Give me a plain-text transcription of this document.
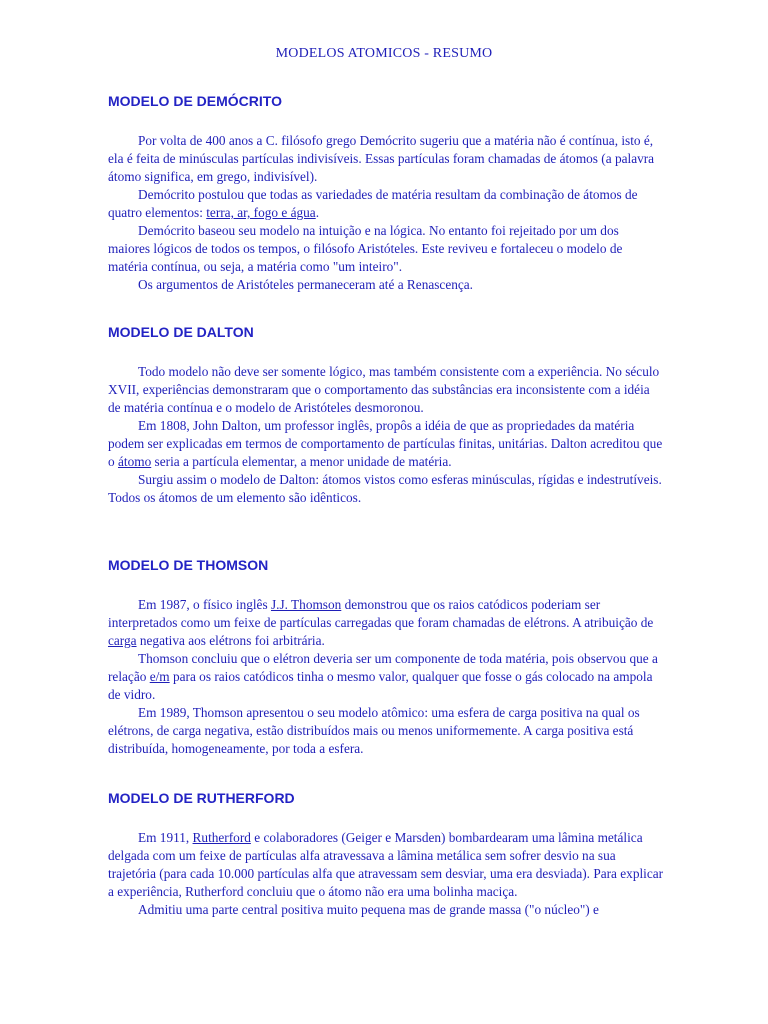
MODELOS ATOMICOS - RESUMO
MODELO DE DEMÓCRITO

Por volta de 400 anos a C. filósofo grego Demócrito sugeriu que a matéria não é contínua, isto é, ela é feita de minúsculas partículas indivisíveis. Essas partículas foram chamadas de átomos (a palavra átomo significa, em grego, indivisível).

Demócrito postulou que todas as variedades de matéria resultam da combinação de átomos de quatro elementos: terra, ar, fogo e água.

Demócrito baseou seu modelo na intuição e na lógica. No entanto foi rejeitado por um dos maiores lógicos de todos os tempos, o filósofo Aristóteles. Este reviveu e fortaleceu o modelo de matéria contínua, ou seja, a matéria como "um inteiro".

Os argumentos de Aristóteles permaneceram até a Renascença.

MODELO DE DALTON

Todo modelo não deve ser somente lógico, mas também consistente com a experiência. No século XVII, experiências demonstraram que o comportamento das substâncias era inconsistente com a idéia de matéria contínua e o modelo de Aristóteles desmoronou.

Em 1808, John Dalton, um professor inglês, propôs a idéia de que as propriedades da matéria podem ser explicadas em termos de comportamento de partículas finitas, unitárias. Dalton acreditou que o átomo seria a partícula elementar, a menor unidade de matéria.

Surgiu assim o modelo de Dalton: átomos vistos como esferas minúsculas, rígidas e indestrutíveis. Todos os átomos de um elemento são idênticos.

MODELO DE THOMSON

Em 1987, o físico inglês J.J. Thomson demonstrou que os raios catódicos poderiam ser interpretados como um feixe de partículas carregadas que foram chamadas de elétrons. A atribuição de carga negativa aos elétrons foi arbitrária.

Thomson concluiu que o elétron deveria ser um componente de toda matéria, pois observou que a relação e/m para os raios catódicos tinha o mesmo valor, qualquer que fosse o gás colocado na ampola de vidro.

Em 1989, Thomson apresentou o seu modelo atômico: uma esfera de carga positiva na qual os elétrons, de carga negativa, estão distribuídos mais ou menos uniformemente. A carga positiva está distribuída, homogeneamente, por toda a esfera.

MODELO DE RUTHERFORD

Em 1911, Rutherford e colaboradores (Geiger e Marsden) bombardearam uma lâmina metálica delgada com um feixe de partículas alfa atravessava a lâmina metálica sem sofrer desvio na sua trajetória (para cada 10.000 partículas alfa que atravessam sem desviar, uma era desviada). Para explicar a experiência, Rutherford concluiu que o átomo não era uma bolinha maciça.

Admitiu uma parte central positiva muito pequena mas de grande massa ("o núcleo") e
